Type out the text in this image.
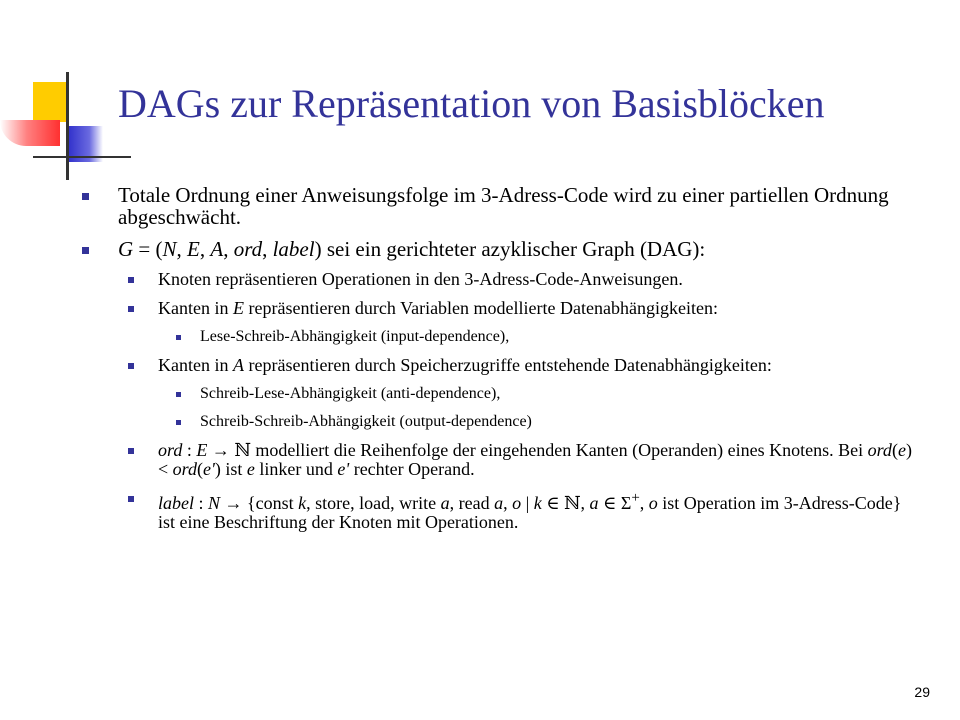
DAGs zur Repräsentation von Basisblöcken
Totale Ordnung einer Anweisungsfolge im 3-Adress-Code wird zu einer partiellen Ordnung abgeschwächt.
G = (N, E, A, ord, label) sei ein gerichteter azyklischer Graph (DAG):
Knoten repräsentieren Operationen in den 3-Adress-Code-Anweisungen.
Kanten in E repräsentieren durch Variablen modellierte Datenabhängigkeiten:
Lese-Schreib-Abhängigkeit (input-dependence),
Kanten in A repräsentieren durch Speicherzugriffe entstehende Datenabhängigkeiten:
Schreib-Lese-Abhängigkeit (anti-dependence),
Schreib-Schreib-Abhängigkeit (output-dependence)
ord : E → ℕ modelliert die Reihenfolge der eingehenden Kanten (Operanden) eines Knotens. Bei ord(e) < ord(e') ist e linker und e' rechter Operand.
label : N → {const k, store, load, write a, read a, o | k ∈ ℕ, a ∈ Σ+, o ist Operation im 3-Adress-Code} ist eine Beschriftung der Knoten mit Operationen.
29
